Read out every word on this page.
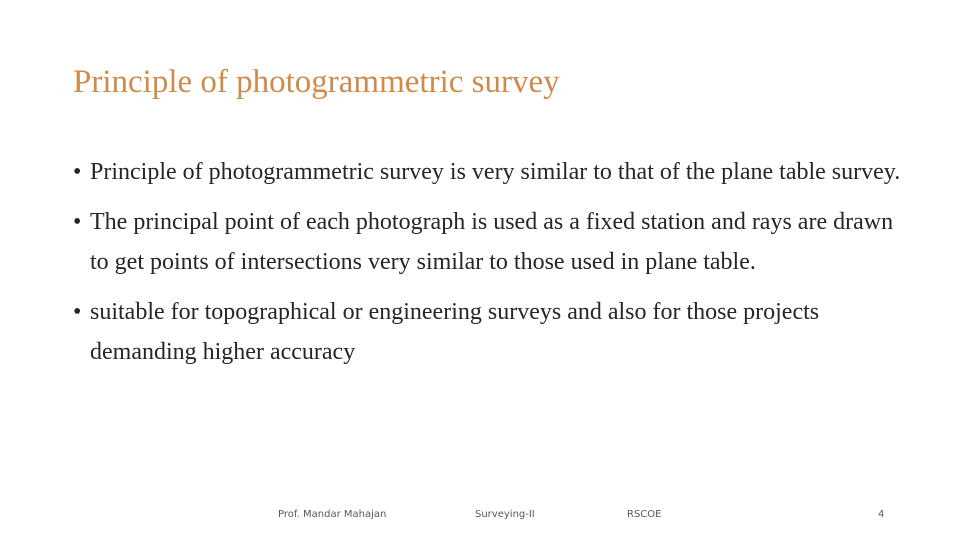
Principle of photogrammetric survey
• Principle of photogrammetric survey is very similar to that of the plane table survey.
• The principal point of each photograph is used as a fixed station and rays are drawn to get points of intersections very similar to those used in plane table.
• suitable for topographical or engineering surveys and also for those projects demanding higher accuracy
Prof. Mandar Mahajan	Surveying-II	RSCOE	4
